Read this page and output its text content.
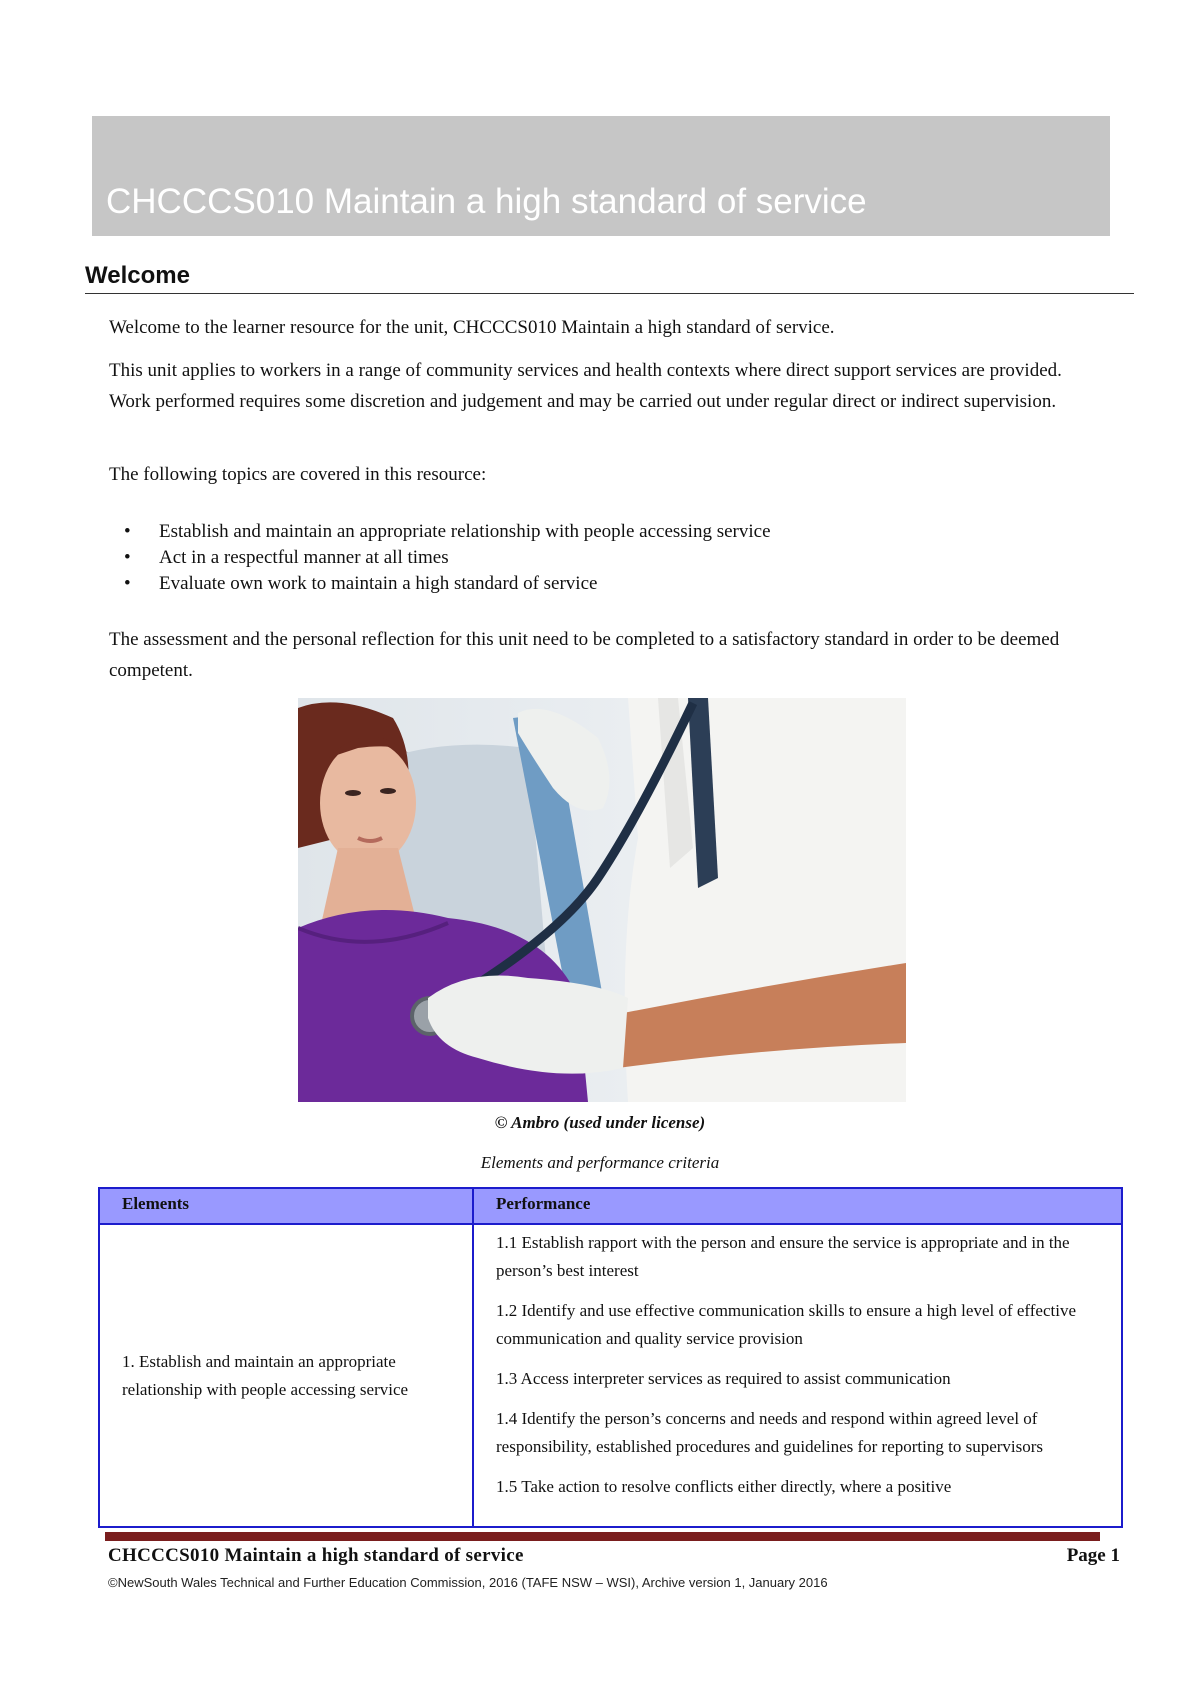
CHCCCS010 Maintain a high standard of service
Welcome

Welcome to the learner resource for the unit, CHCCCS010 Maintain a high standard of service.

This unit applies to workers in a range of community services and health contexts where direct support services are provided. Work performed requires some discretion and judgement and may be carried out under regular direct or indirect supervision.

The following topics are covered in this resource:

• Establish and maintain an appropriate relationship with people accessing service
• Act in a respectful manner at all times
• Evaluate own work to maintain a high standard of service

The assessment and the personal reflection for this unit need to be completed to a satisfactory standard in order to be deemed competent.

© Ambro (used under license)

Elements and performance criteria

Elements	Performance

1. Establish and maintain an appropriate relationship with people accessing service	1.1 Establish rapport with the person and ensure the service is appropriate and in the person’s best interest

1.2 Identify and use effective communication skills to ensure a high level of effective communication and quality service provision

1.3 Access interpreter services as required to assist communication

1.4 Identify the person’s concerns and needs and respond within agreed level of responsibility, established procedures and guidelines for reporting to supervisors

1.5 Take action to resolve conflicts either directly, where a positive

CHCCCS010 Maintain a high standard of service	Page 1

©NewSouth Wales Technical and Further Education Commission, 2016 (TAFE NSW – WSI), Archive version 1, January 2016
